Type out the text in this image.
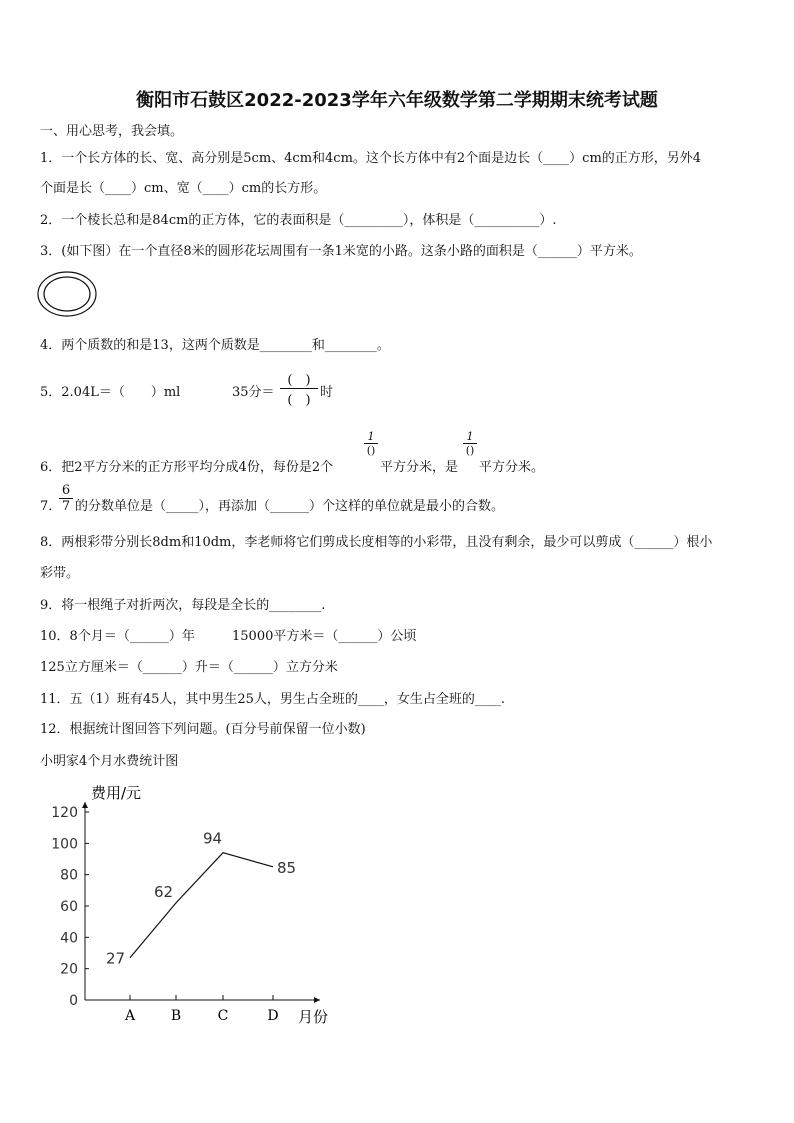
衡阳市石鼓区2022-2023学年六年级数学第二学期期末统考试题
一、用心思考，我会填。
1．一个长方体的长、宽、高分别是5cm、4cm和4cm。这个长方体中有2个面是边长（____）cm的正方形，另外4
个面是长（____）cm、宽（____）cm的长方形。
2．一个棱长总和是84cm的正方体，它的表面积是（_________），体积是（__________）.
3．(如下图）在一个直径8米的圆形花坛周围有一条1米宽的小路。这条小路的面积是（______）平方米。
4．两个质数的和是13，这两个质数是________和________。
5．2.04L＝（　　）ml	35分＝
(　)
(　)
时
6．把2平方分米的正方形平均分成4份，每份是2个
1
()
平方分米，是
1
()
平方分米。
7．
$\frac{6}{7}$ 的分数单位是（_____），再添加（______）个这样的单位就是最小的合数。
8．两根彩带分别长8dm和10dm，李老师将它们剪成长度相等的小彩带，且没有剩余，最少可以剪成（______）根小
彩带。
9．将一根绳子对折两次，每段是全长的________.
10．8个月＝（______）年	15000平方米＝（______）公顷
125立方厘米＝（______）升＝（______）立方分米
11．五（1）班有45人，其中男生25人，男生占全班的____，女生占全班的____.
12．根据统计图回答下列问题。(百分号前保留一位小数)
小明家4个月水费统计图
费用/元
月份
0
20
40
60
80
100
120
A	B	C	D
27
62
94
85
